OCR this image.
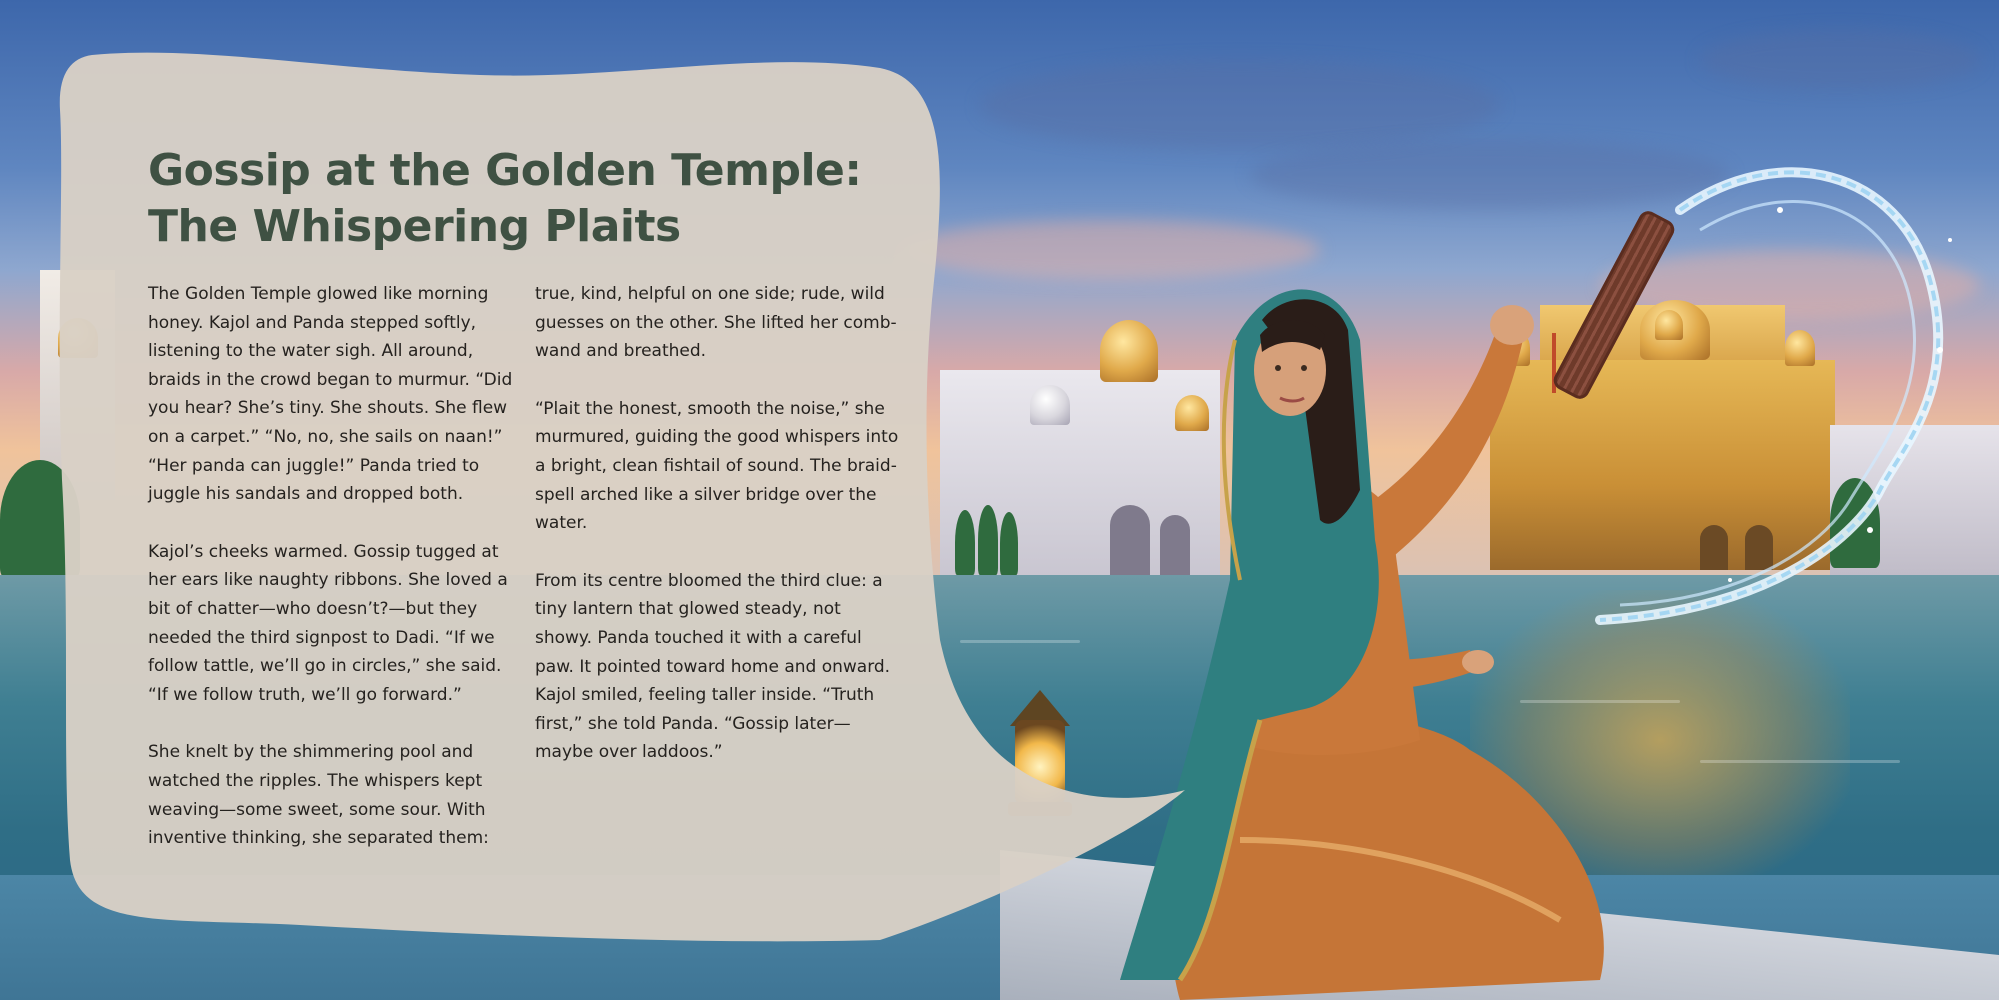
Gossip at the Golden Temple: The Whispering Plaits

The Golden Temple glowed like morning honey. Kajol and Panda stepped softly, listening to the water sigh. All around, braids in the crowd began to murmur. “Did you hear? She’s tiny. She shouts. She flew on a carpet.” “No, no, she sails on naan!” “Her panda can juggle!” Panda tried to juggle his sandals and dropped both.

Kajol’s cheeks warmed. Gossip tugged at her ears like naughty ribbons. She loved a bit of chatter—who doesn’t?—but they needed the third signpost to Dadi. “If we follow tattle, we’ll go in circles,” she said. “If we follow truth, we’ll go forward.”

She knelt by the shimmering pool and watched the ripples. The whispers kept weaving—some sweet, some sour. With inventive thinking, she separated them:

true, kind, helpful on one side; rude, wild guesses on the other. She lifted her comb-wand and breathed.

“Plait the honest, smooth the noise,” she murmured, guiding the good whispers into a bright, clean fishtail of sound. The braid-spell arched like a silver bridge over the water.

From its centre bloomed the third clue: a tiny lantern that glowed steady, not showy. Panda touched it with a careful paw. It pointed toward home and onward. Kajol smiled, feeling taller inside. “Truth first,” she told Panda. “Gossip later—maybe over laddoos.”
